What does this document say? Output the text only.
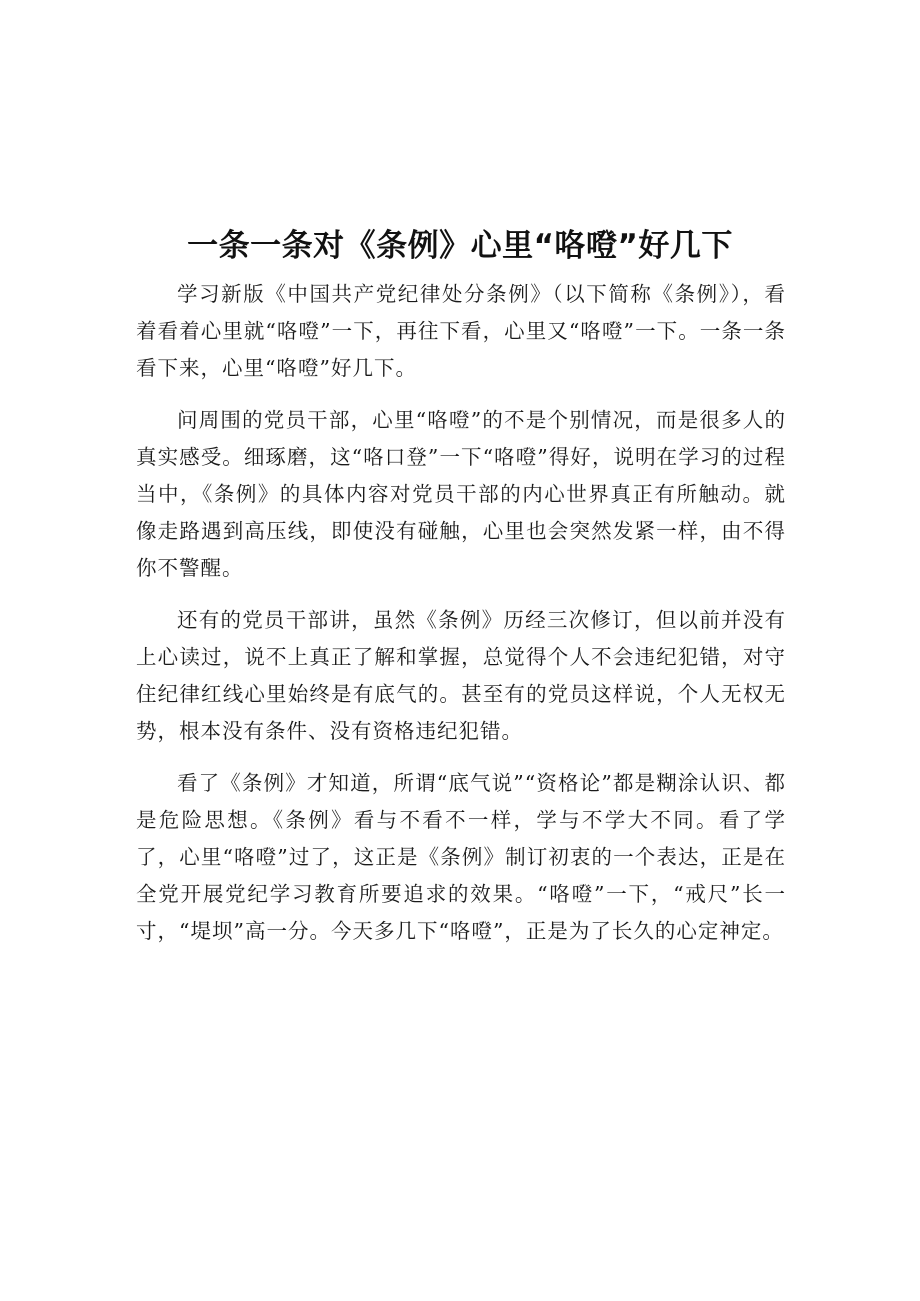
一条一条对《条例》心里“咯噔”好几下

学习新版《中国共产党纪律处分条例》（以下简称《条例》），看着看着心里就“咯噔”一下，再往下看，心里又“咯噔”一下。一条一条看下来，心里“咯噔”好几下。

问周围的党员干部，心里“咯噔”的不是个别情况，而是很多人的真实感受。细琢磨，这“咯口登”一下“咯噔”得好，说明在学习的过程当中，《条例》的具体内容对党员干部的内心世界真正有所触动。就像走路遇到高压线，即使没有碰触，心里也会突然发紧一样，由不得你不警醒。

还有的党员干部讲，虽然《条例》历经三次修订，但以前并没有上心读过，说不上真正了解和掌握，总觉得个人不会违纪犯错，对守住纪律红线心里始终是有底气的。甚至有的党员这样说，个人无权无势，根本没有条件、没有资格违纪犯错。

看了《条例》才知道，所谓“底气说”“资格论”都是糊涂认识、都是危险思想。《条例》看与不看不一样，学与不学大不同。看了学了，心里“咯噔”过了，这正是《条例》制订初衷的一个表达，正是在全党开展党纪学习教育所要追求的效果。“咯噔”一下，“戒尺”长一寸，“堤坝”高一分。今天多几下“咯噔”，正是为了长久的心定神定。
